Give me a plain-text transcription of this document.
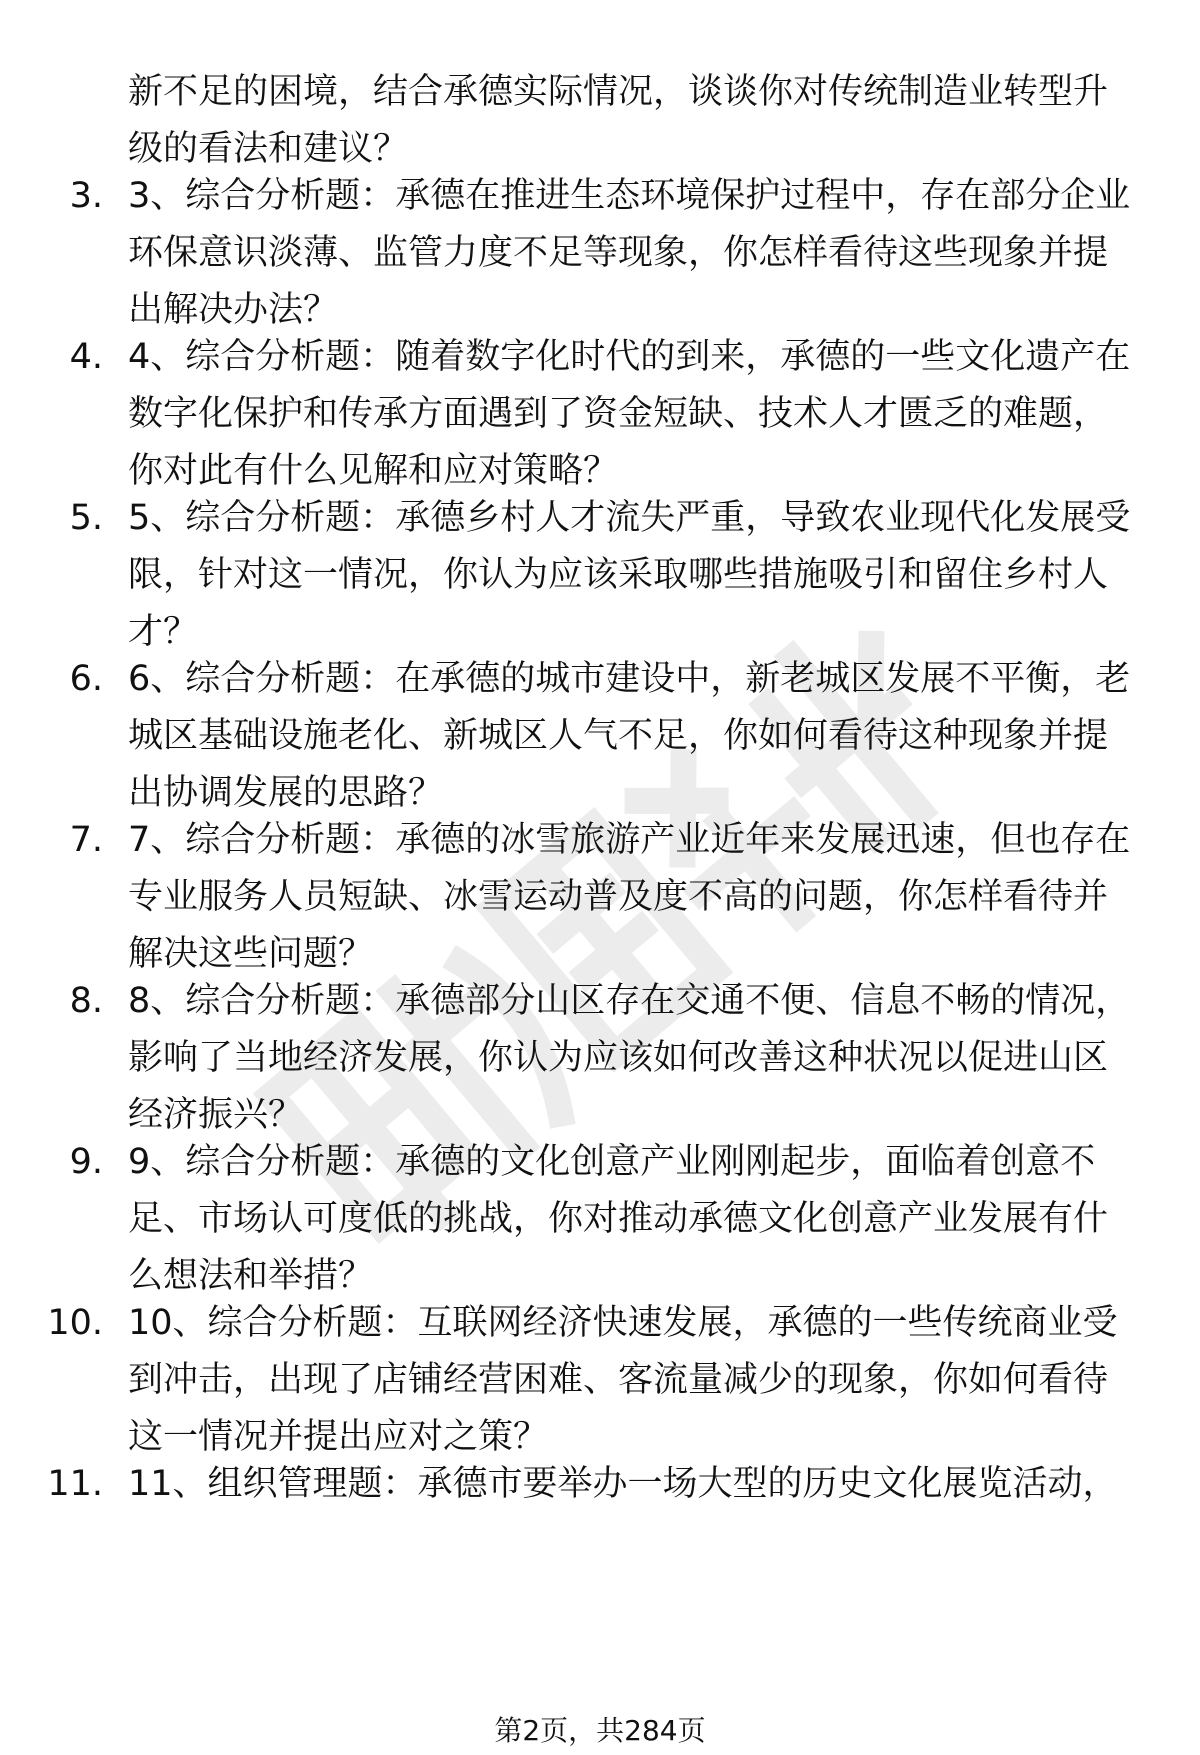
新不足的困境，结合承德实际情况，谈谈你对传统制造业转型升
级的看法和建议？
3. 3、综合分析题：承德在推进生态环境保护过程中，存在部分企业
环保意识淡薄、监管力度不足等现象，你怎样看待这些现象并提
出解决办法？
4. 4、综合分析题：随着数字化时代的到来，承德的一些文化遗产在
数字化保护和传承方面遇到了资金短缺、技术人才匮乏的难题，
你对此有什么见解和应对策略？
5. 5、综合分析题：承德乡村人才流失严重，导致农业现代化发展受
限，针对这一情况，你认为应该采取哪些措施吸引和留住乡村人
才？
6. 6、综合分析题：在承德的城市建设中，新老城区发展不平衡，老
城区基础设施老化、新城区人气不足，你如何看待这种现象并提
出协调发展的思路？
7. 7、综合分析题：承德的冰雪旅游产业近年来发展迅速，但也存在
专业服务人员短缺、冰雪运动普及度不高的问题，你怎样看待并
解决这些问题？
8. 8、综合分析题：承德部分山区存在交通不便、信息不畅的情况，
影响了当地经济发展，你认为应该如何改善这种状况以促进山区
经济振兴？
9. 9、综合分析题：承德的文化创意产业刚刚起步，面临着创意不
足、市场认可度低的挑战，你对推动承德文化创意产业发展有什
么想法和举措？
10. 10、综合分析题：互联网经济快速发展，承德的一些传统商业受
到冲击，出现了店铺经营困难、客流量减少的现象，你如何看待
这一情况并提出应对之策？
11. 11、组织管理题：承德市要举办一场大型的历史文化展览活动，
第2页，共284页
